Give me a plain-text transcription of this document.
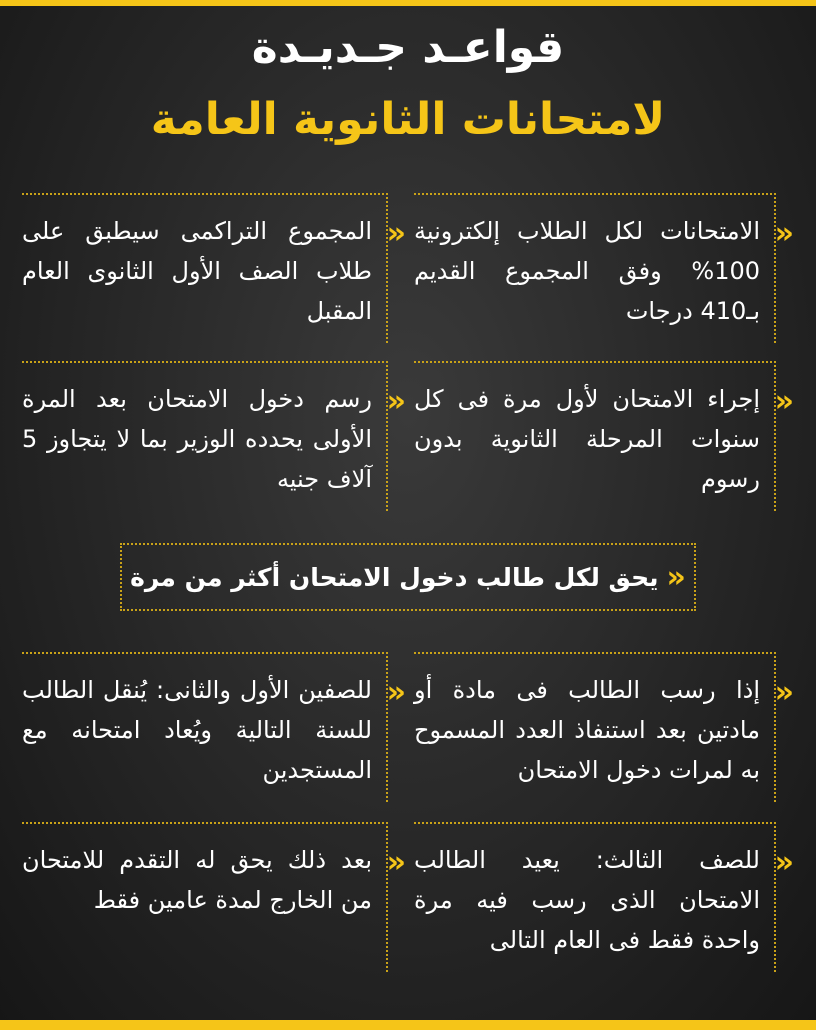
قواعـد جـديـدة
لامتحانات الثانوية العامة
«
الامتحانات لكل الطلاب إلكترونية 100% وفق المجموع القديم بـ410 درجات
«
المجموع التراكمى سيطبق على طلاب الصف الأول الثانوى العام المقبل
«
إجراء الامتحان لأول مرة فى كل سنوات المرحلة الثانوية بدون رسوم
«
رسم دخول الامتحان بعد المرة الأولى يحدده الوزير بما لا يتجاوز 5 آلاف جنيه
«
يحق لكل طالب دخول الامتحان أكثر من مرة
«
إذا رسب الطالب فى مادة أو مادتين بعد استنفاذ العدد المسموح به لمرات دخول الامتحان
«
للصفين الأول والثانى: يُنقل الطالب للسنة التالية ويُعاد امتحانه مع المستجدين
«
للصف الثالث: يعيد الطالب الامتحان الذى رسب فيه مرة واحدة فقط فى العام التالى
«
بعد ذلك يحق له التقدم للامتحان من الخارج لمدة عامين فقط
